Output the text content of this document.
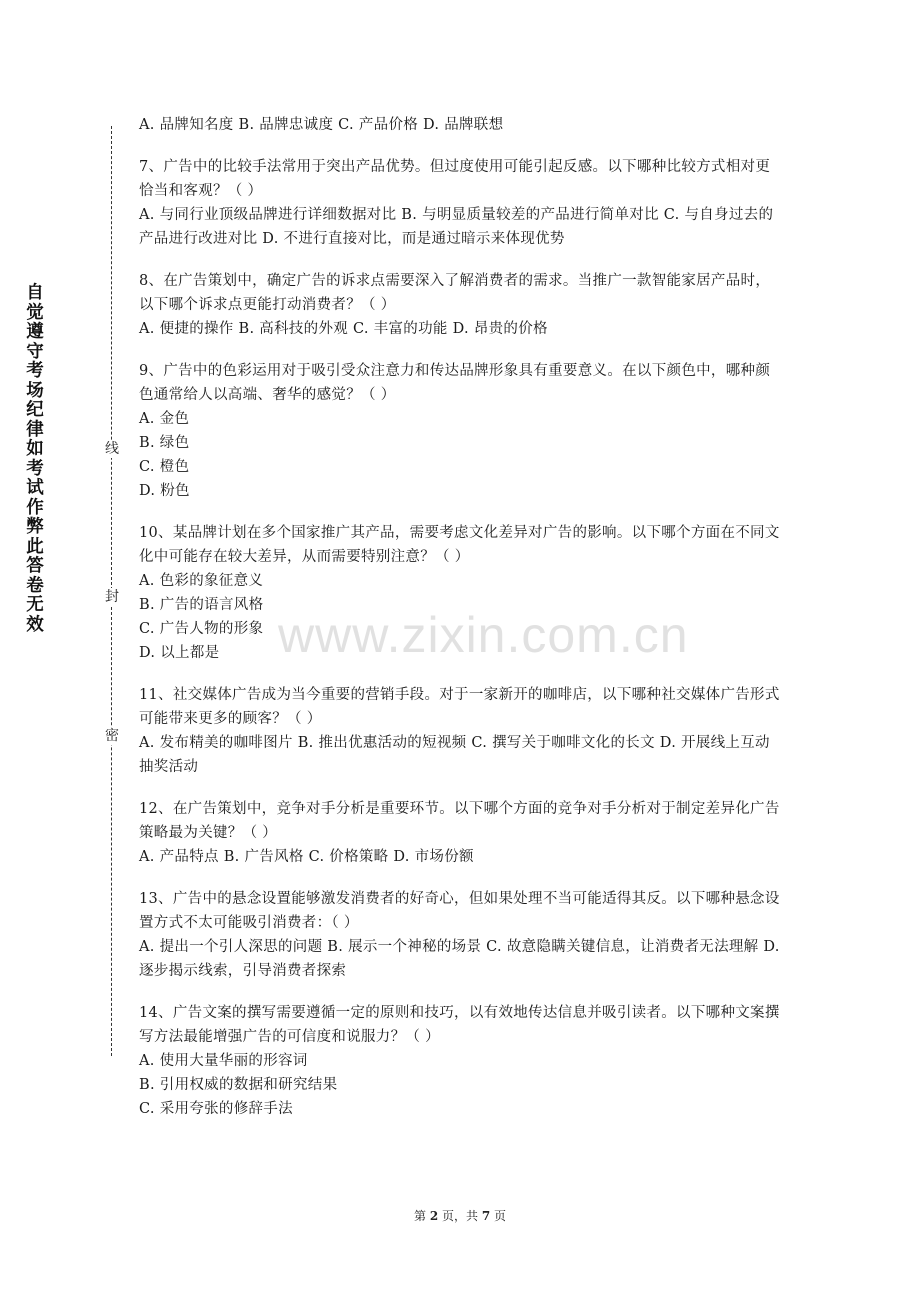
自觉遵守考场纪律如考试作弊此答卷无效
线
封
密
www.zixin.com.cn

A. 品牌知名度 B. 品牌忠诚度 C. 产品价格 D. 品牌联想

7、广告中的比较手法常用于突出产品优势。但过度使用可能引起反感。以下哪种比较方式相对更恰当和客观？（ ）

A. 与同行业顶级品牌进行详细数据对比 B. 与明显质量较差的产品进行简单对比 C. 与自身过去的产品进行改进对比 D. 不进行直接对比，而是通过暗示来体现优势

8、在广告策划中，确定广告的诉求点需要深入了解消费者的需求。当推广一款智能家居产品时，以下哪个诉求点更能打动消费者？（ ）

A. 便捷的操作 B. 高科技的外观 C. 丰富的功能 D. 昂贵的价格

9、广告中的色彩运用对于吸引受众注意力和传达品牌形象具有重要意义。在以下颜色中，哪种颜色通常给人以高端、奢华的感觉？（ ）

A. 金色

B. 绿色

C. 橙色

D. 粉色

10、某品牌计划在多个国家推广其产品，需要考虑文化差异对广告的影响。以下哪个方面在不同文化中可能存在较大差异，从而需要特别注意？（ ）

A. 色彩的象征意义

B. 广告的语言风格

C. 广告人物的形象

D. 以上都是

11、社交媒体广告成为当今重要的营销手段。对于一家新开的咖啡店，以下哪种社交媒体广告形式可能带来更多的顾客？（ ）

A. 发布精美的咖啡图片 B. 推出优惠活动的短视频 C. 撰写关于咖啡文化的长文 D. 开展线上互动抽奖活动

12、在广告策划中，竞争对手分析是重要环节。以下哪个方面的竞争对手分析对于制定差异化广告策略最为关键？（ ）

A. 产品特点 B. 广告风格 C. 价格策略 D. 市场份额

13、广告中的悬念设置能够激发消费者的好奇心，但如果处理不当可能适得其反。以下哪种悬念设置方式不太可能吸引消费者：（ ）

A. 提出一个引人深思的问题 B. 展示一个神秘的场景 C. 故意隐瞒关键信息，让消费者无法理解 D. 逐步揭示线索，引导消费者探索

14、广告文案的撰写需要遵循一定的原则和技巧，以有效地传达信息并吸引读者。以下哪种文案撰写方法最能增强广告的可信度和说服力？（ ）

A. 使用大量华丽的形容词

B. 引用权威的数据和研究结果

C. 采用夸张的修辞手法

第 2 页，共 7 页
